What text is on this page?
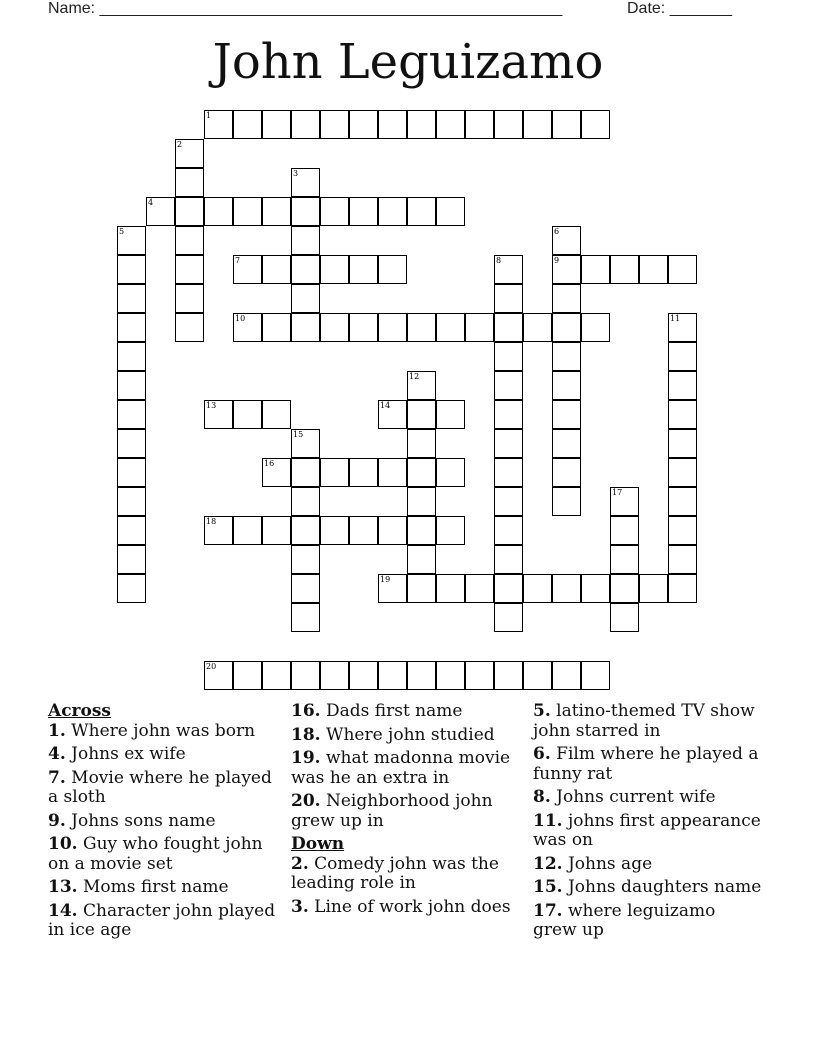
Name: ____________________________________________________	Date: _______
John Leguizamo
1
2
3
4
5	6
7	8	9
10	11
12
13	14
15
16
17
18
19
20
Across
1. Where john was born
4. Johns ex wife
7. Movie where he played a sloth
9. Johns sons name
10. Guy who fought john on a movie set
13. Moms first name
14. Character john played in ice age
16. Dads first name
18. Where john studied
19. what madonna movie was he an extra in
20. Neighborhood john grew up in
Down
2. Comedy john was the leading role in
3. Line of work john does
5. latino-themed TV show john starred in
6. Film where he played a funny rat
8. Johns current wife
11. johns first appearance was on
12. Johns age
15. Johns daughters name
17. where leguizamo grew up
